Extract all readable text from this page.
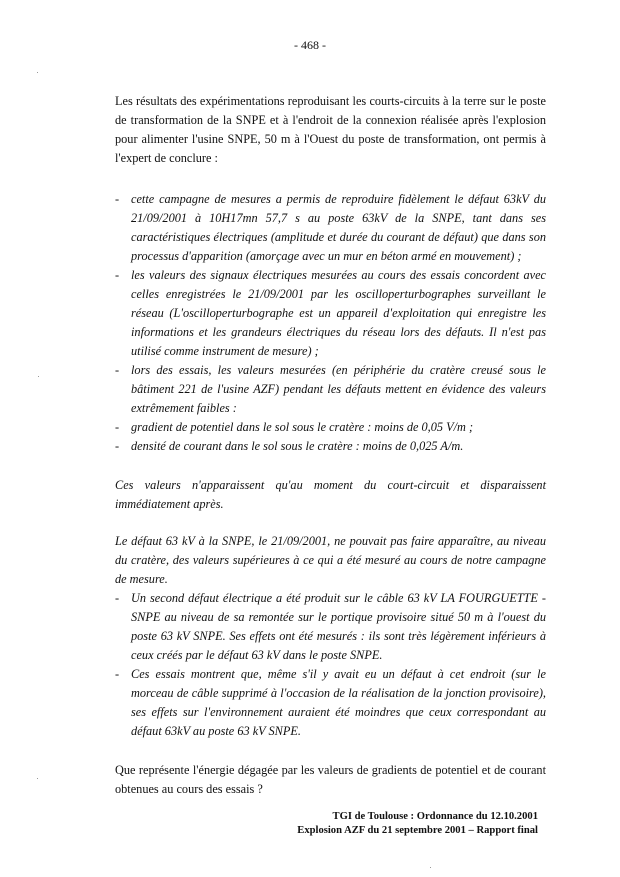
- 468 -

Les résultats des expérimentations reproduisant les courts-circuits à la terre sur le poste de transformation de la SNPE et à l'endroit de la connexion réalisée après l'explosion pour alimenter l'usine SNPE, 50 m à l'Ouest du poste de transformation, ont permis à l'expert de conclure :

- cette campagne de mesures a permis de reproduire fidèlement le défaut 63kV du 21/09/2001 à 10H17mn 57,7 s au poste 63kV de la SNPE, tant dans ses caractéristiques électriques (amplitude et durée du courant de défaut) que dans son processus d'apparition (amorçage avec un mur en béton armé en mouvement) ;
- les valeurs des signaux électriques mesurées au cours des essais concordent avec celles enregistrées le 21/09/2001 par les oscilloperturbographes surveillant le réseau (L'oscilloperturbographe est un appareil d'exploitation qui enregistre les informations et les grandeurs électriques du réseau lors des défauts. Il n'est pas utilisé comme instrument de mesure) ;
- lors des essais, les valeurs mesurées (en périphérie du cratère creusé sous le bâtiment 221 de l'usine AZF) pendant les défauts mettent en évidence des valeurs extrêmement faibles :
- gradient de potentiel dans le sol sous le cratère : moins de 0,05 V/m ;
- densité de courant dans le sol sous le cratère : moins de 0,025 A/m.

Ces valeurs n'apparaissent qu'au moment du court-circuit et disparaissent immédiatement après.

Le défaut 63 kV à la SNPE, le 21/09/2001, ne pouvait pas faire apparaître, au niveau du cratère, des valeurs supérieures à ce qui a été mesuré au cours de notre campagne de mesure.

- Un second défaut électrique a été produit sur le câble 63 kV LA FOURGUETTE - SNPE au niveau de sa remontée sur le portique provisoire situé 50 m à l'ouest du poste 63 kV SNPE. Ses effets ont été mesurés : ils sont très légèrement inférieurs à ceux créés par le défaut 63 kV dans le poste SNPE.
- Ces essais montrent que, même s'il y avait eu un défaut à cet endroit (sur le morceau de câble supprimé à l'occasion de la réalisation de la jonction provisoire), ses effets sur l'environnement auraient été moindres que ceux correspondant au défaut 63kV au poste 63 kV SNPE.

Que représente l'énergie dégagée par les valeurs de gradients de potentiel et de courant obtenues au cours des essais ?

TGI de Toulouse : Ordonnance du 12.10.2001
Explosion AZF du 21 septembre 2001 – Rapport final
